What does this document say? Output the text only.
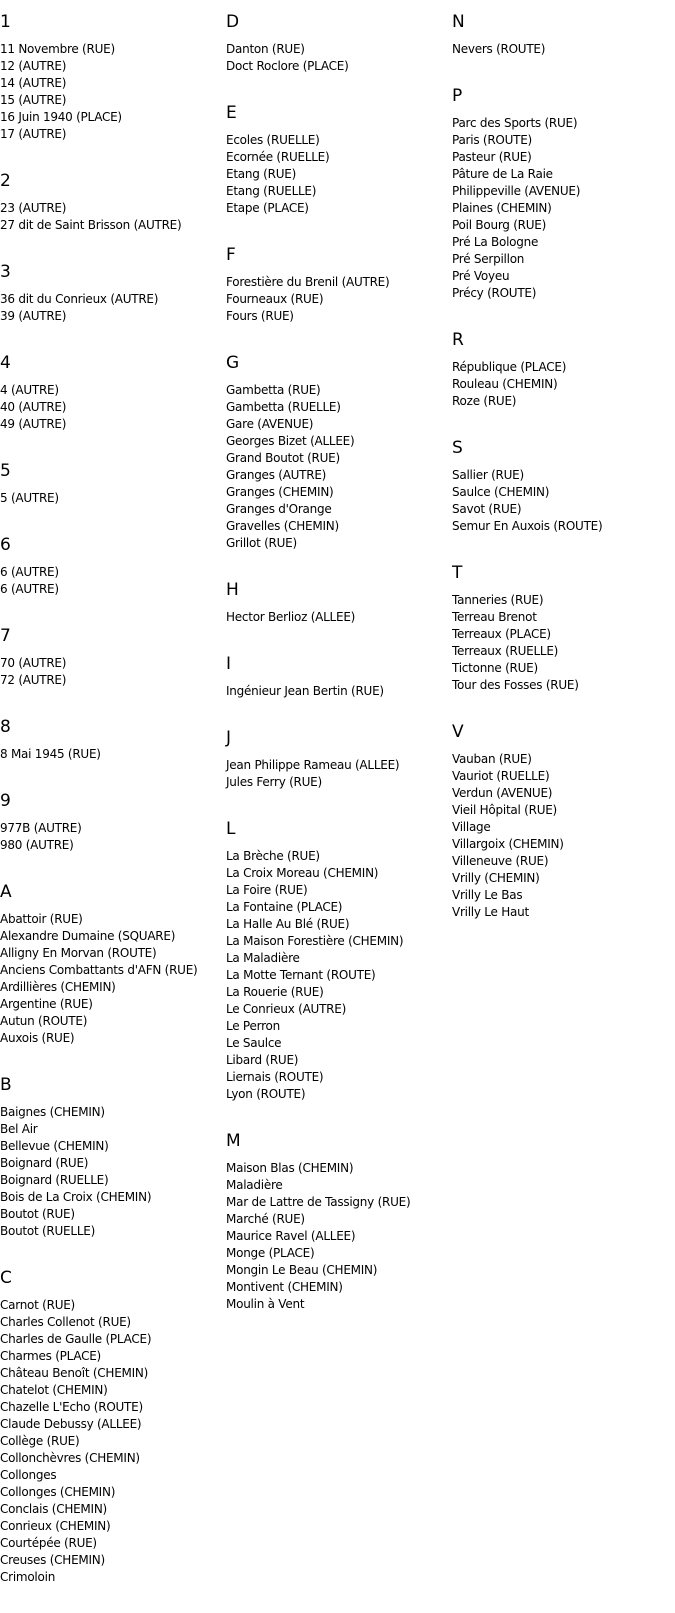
1
11 Novembre (RUE)
12 (AUTRE)
14 (AUTRE)
15 (AUTRE)
16 Juin 1940 (PLACE)
17 (AUTRE)
2
23 (AUTRE)
27 dit de Saint Brisson (AUTRE)
3
36 dit du Conrieux (AUTRE)
39 (AUTRE)
4
4 (AUTRE)
40 (AUTRE)
49 (AUTRE)
5
5 (AUTRE)
6
6 (AUTRE)
6 (AUTRE)
7
70 (AUTRE)
72 (AUTRE)
8
8 Mai 1945 (RUE)
9
977B (AUTRE)
980 (AUTRE)
A
Abattoir (RUE)
Alexandre Dumaine (SQUARE)
Alligny En Morvan (ROUTE)
Anciens Combattants d'AFN (RUE)
Ardillières (CHEMIN)
Argentine (RUE)
Autun (ROUTE)
Auxois (RUE)
B
Baignes (CHEMIN)
Bel Air
Bellevue (CHEMIN)
Boignard (RUE)
Boignard (RUELLE)
Bois de La Croix (CHEMIN)
Boutot (RUE)
Boutot (RUELLE)
C
Carnot (RUE)
Charles Collenot (RUE)
Charles de Gaulle (PLACE)
Charmes (PLACE)
Château Benoît (CHEMIN)
Chatelot (CHEMIN)
Chazelle L'Echo (ROUTE)
Claude Debussy (ALLEE)
Collège (RUE)
Collonchèvres (CHEMIN)
Collonges
Collonges (CHEMIN)
Conclais (CHEMIN)
Conrieux (CHEMIN)
Courtépée (RUE)
Creuses (CHEMIN)
Crimoloin
D
Danton (RUE)
Doct Roclore (PLACE)
E
Ecoles (RUELLE)
Ecornée (RUELLE)
Etang (RUE)
Etang (RUELLE)
Etape (PLACE)
F
Forestière du Brenil (AUTRE)
Fourneaux (RUE)
Fours (RUE)
G
Gambetta (RUE)
Gambetta (RUELLE)
Gare (AVENUE)
Georges Bizet (ALLEE)
Grand Boutot (RUE)
Granges (AUTRE)
Granges (CHEMIN)
Granges d'Orange
Gravelles (CHEMIN)
Grillot (RUE)
H
Hector Berlioz (ALLEE)
I
Ingénieur Jean Bertin (RUE)
J
Jean Philippe Rameau (ALLEE)
Jules Ferry (RUE)
L
La Brèche (RUE)
La Croix Moreau (CHEMIN)
La Foire (RUE)
La Fontaine (PLACE)
La Halle Au Blé (RUE)
La Maison Forestière (CHEMIN)
La Maladière
La Motte Ternant (ROUTE)
La Rouerie (RUE)
Le Conrieux (AUTRE)
Le Perron
Le Saulce
Libard (RUE)
Liernais (ROUTE)
Lyon (ROUTE)
M
Maison Blas (CHEMIN)
Maladière
Mar de Lattre de Tassigny (RUE)
Marché (RUE)
Maurice Ravel (ALLEE)
Monge (PLACE)
Mongin Le Beau (CHEMIN)
Montivent (CHEMIN)
Moulin à Vent
N
Nevers (ROUTE)
P
Parc des Sports (RUE)
Paris (ROUTE)
Pasteur (RUE)
Pâture de La Raie
Philippeville (AVENUE)
Plaines (CHEMIN)
Poil Bourg (RUE)
Pré La Bologne
Pré Serpillon
Pré Voyeu
Précy (ROUTE)
R
République (PLACE)
Rouleau (CHEMIN)
Roze (RUE)
S
Sallier (RUE)
Saulce (CHEMIN)
Savot (RUE)
Semur En Auxois (ROUTE)
T
Tanneries (RUE)
Terreau Brenot
Terreaux (PLACE)
Terreaux (RUELLE)
Tictonne (RUE)
Tour des Fosses (RUE)
V
Vauban (RUE)
Vauriot (RUELLE)
Verdun (AVENUE)
Vieil Hôpital (RUE)
Village
Villargoix (CHEMIN)
Villeneuve (RUE)
Vrilly (CHEMIN)
Vrilly Le Bas
Vrilly Le Haut
